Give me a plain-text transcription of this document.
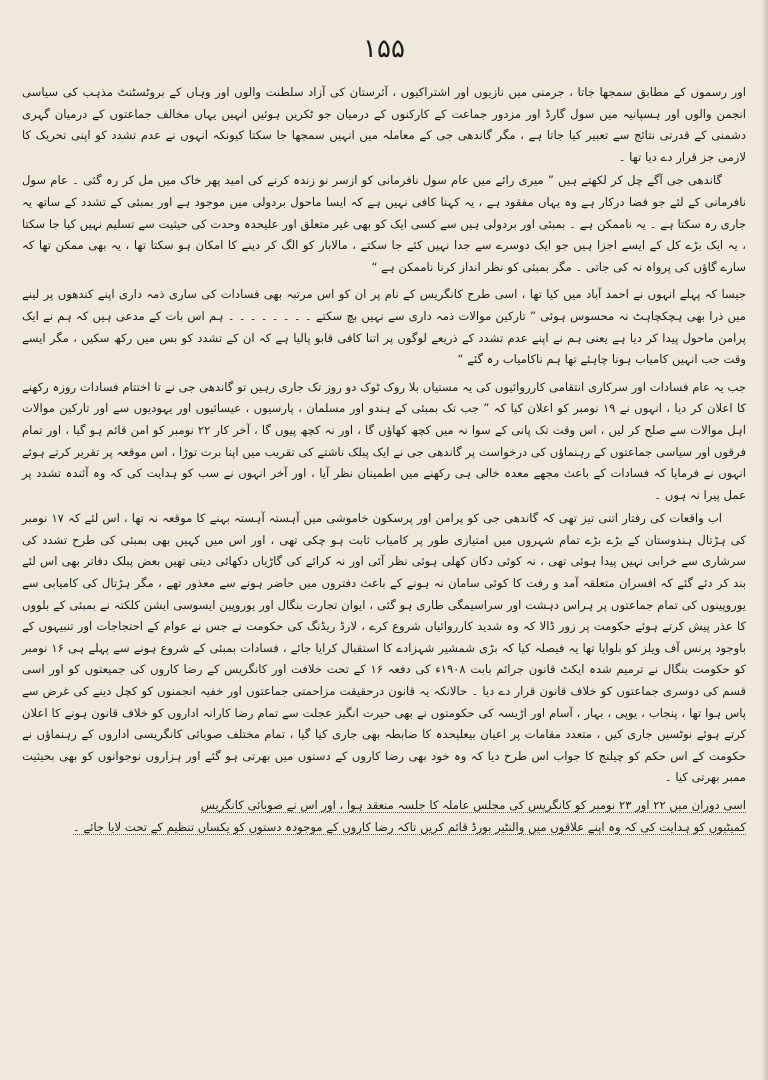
۱۵۵

اور رسموں کے مطابق سمجھا جاتا ، جرمنی میں نازیوں اور اشتراکیوں ، آئرستان کی آزاد سلطنت والوں اور وہاں کے بروٹسٹنٹ مذہب کی سیاسی انجمن والوں اور ہسپانیہ میں سول گارڈ اور مزدور جماعت کے کارکنوں کے درمیان جو ٹکریں ہوئیں انہیں یہاں مخالف جماعتوں کے درمیان گہری دشمنی کے قدرتی نتائج سے تعبیر کیا جاتا ہے ، مگر گاندھی جی کے معاملہ میں انہیں سمجھا جا سکتا کیونکہ انہوں نے عدم تشدد کو اپنی تحریک کا لازمی جز قرار دے دیا تھا ۔

گاندھی جی آگے چل کر لکھتے ہیں ” میری رائے میں عام سول نافرمانی کو ازسر نو زندہ کرنے کی امید پھر خاک میں مل کر رہ گئی ۔ عام سول نافرمانی کے لئے جو فضا درکار ہے وہ یہاں مفقود ہے ، یہ کہنا کافی نہیں ہے کہ ایسا ماحول بردولی میں موجود ہے اور بمبئی کے تشدد کے ساتھ یہ جاری رہ سکتا ہے ۔ یہ ناممکن ہے ۔ بمبئی اور بردولی ہیں سے کسی ایک کو بھی غیر متعلق اور علیحدہ وحدت کی حیثیت سے تسلیم نہیں کیا جا سکتا ، یہ ایک بڑے کل کے ایسے اجزا ہیں جو ایک دوسرے سے جدا نہیں کئے جا سکتے ، مالابار کو الگ کر دینے کا امکان ہو سکتا تھا ، یہ بھی ممکن تھا کہ سارے گاؤں کی پرواہ نہ کی جاتی ۔ مگر بمبئی کو نظر انداز کرنا ناممکن ہے “

جیسا کہ پہلے انہوں نے احمد آباد میں کیا تھا ، اسی طرح کانگریس کے نام پر ان کو اس مرتبہ بھی فسادات کی ساری ذمہ داری اپنے کندھوں پر لینے میں ذرا بھی ہچکچاہٹ نہ محسوس ہوئی ” تارکین موالات ذمہ داری سے نہیں بچ سکتے ۔ ۔ ۔ ۔ ۔ ۔ ۔ ۔ ہم اس بات کے مدعی ہیں کہ ہم نے ایک پرامن ماحول پیدا کر دیا ہے یعنی ہم نے اپنے عدم تشدد کے ذریعے لوگوں پر اتنا کافی قابو پالیا ہے کہ ان کے تشدد کو بس میں رکھ سکیں ، مگر ایسے وقت جب انہیں کامیاب ہونا چاہئے تھا ہم ناکامیاب رہ گئے “

جب یہ عام فسادات اور سرکاری انتقامی کارروائیوں کی یہ مستیاں بلا روک ٹوک دو روز تک جاری رہیں تو گاندھی جی نے تا اختتام فسادات روزہ رکھنے کا اعلان کر دیا ، انہوں نے ۱۹ نومبر کو اعلان کیا کہ ” جب تک بمبئی کے ہندو اور مسلمان ، پارسیوں ، عیسائیوں اور یہودیوں سے اور تارکین موالات اہل موالات سے صلح کر لیں ، اس وقت تک پانی کے سوا نہ میں کچھ کھاؤں گا ، اور نہ کچھ پیوں گا ، آخر کار ۲۲ نومبر کو امن قائم ہو گیا ، اور تمام فرقوں اور سیاسی جماعتوں کے رہنماؤں کی درخواست پر گاندھی جی نے ایک پبلک ناشتے کی تقریب میں اپنا برت توڑا ، اس موقعہ پر تقریر کرتے ہوئے انہوں نے فرمایا کہ فسادات کے باعث مجھے معدہ خالی ہی رکھنے میں اطمینان نظر آیا ، اور آخر انہوں نے سب کو ہدایت کی کہ وہ آئندہ تشدد پر عمل پیرا نہ ہوں ۔

اب واقعات کی رفتار اتنی تیز تھی کہ گاندھی جی کو پرامن اور پرسکون خاموشی میں آہستہ آہستہ بہنے کا موقعہ نہ تھا ، اس لئے کہ ۱۷ نومبر کی ہڑتال ہندوستان کے بڑے بڑے تمام شہروں میں امتیازی طور پر کامیاب ثابت ہو چکی تھی ، اور اس میں کہیں بھی بمبئی کی طرح تشدد کی سرشاری سے خرابی نہیں پیدا ہوئی تھی ، نہ کوئی دکان کھلی ہوئی نظر آئی اور نہ کرائے کی گاڑیاں دکھائی دیتی تھیں بعض پبلک دفاتر بھی اس لئے بند کر دئے گئے کہ افسران متعلقہ آمد و رفت کا کوئی سامان نہ ہونے کے باعث دفتروں میں حاضر ہونے سے معذور تھے ، مگر ہڑتال کی کامیابی سے یوروپینوں کی تمام جماعتوں پر ہراس دہشت اور سراسیمگی طاری ہو گئی ، ایوان تجارت بنگال اور یوروپین ایسوسی ایشن کلکتہ نے بمبئی کے بلووں کا عذر پیش کرتے ہوئے حکومت پر زور ڈالا کہ وہ شدید کارروائیاں شروع کرے ، لارڈ ریڈنگ کی حکومت نے جس نے عوام کے احتجاجات اور تنبیہوں کے باوجود پرنس آف ویلز کو بلوایا تھا یہ فیصلہ کیا کہ بڑی شمشیر شہزادے کا استقبال کرایا جائے ، فسادات بمبئی کے شروع ہونے سے پہلے ہی ۱۶ نومبر کو حکومت بنگال نے ترمیم شدہ ایکٹ قانون جرائم بابت ۱۹۰۸ء کی دفعہ ۱۶ کے تحت خلافت اور کانگریس کے رضا کاروں کی جمیعتوں کو اور اسی قسم کی دوسری جماعتوں کو خلاف قانون قرار دے دیا ۔ حالانکہ یہ قانون درحقیقت مزاحمتی جماعتوں اور خفیہ انجمنوں کو کچل دینے کی غرض سے پاس ہوا تھا ، پنجاب ، یوپی ، بہار ، آسام اور اڑیسہ کی حکومتوں نے بھی حیرت انگیز عجلت سے تمام رضا کارانہ اداروں کو خلاف قانون ہونے کا اعلان کرتے ہوئے نوٹسیں جاری کیں ، متعدد مقامات پر اعیان بیعلیحدہ کا ضابطہ بھی جاری کیا گیا ، تمام مختلف صوبائی کانگریسی اداروں کے رہنماؤں نے حکومت کے اس حکم کو چیلنج کا جواب اس طرح دیا کہ وہ خود بھی رضا کاروں کے دستوں میں بھرتی ہو گئے اور ہزاروں نوجوانوں کو بھی بحیثیت ممبر بھرتی کیا ۔

اسی دوران میں ۲۲ اور ۲۳ نومبر کو کانگریس کی مجلس عاملہ کا جلسہ منعقد ہوا ، اور اس نے صوبائی کانگریس
کمیٹیوں کو ہدایت کی کہ وہ اپنے علاقوں میں والنٹیر بورڈ قائم کریں تاکہ رضا کاروں کے موجودہ دستوں کو یکساں تنظیم کے تحت لایا جائے ۔
